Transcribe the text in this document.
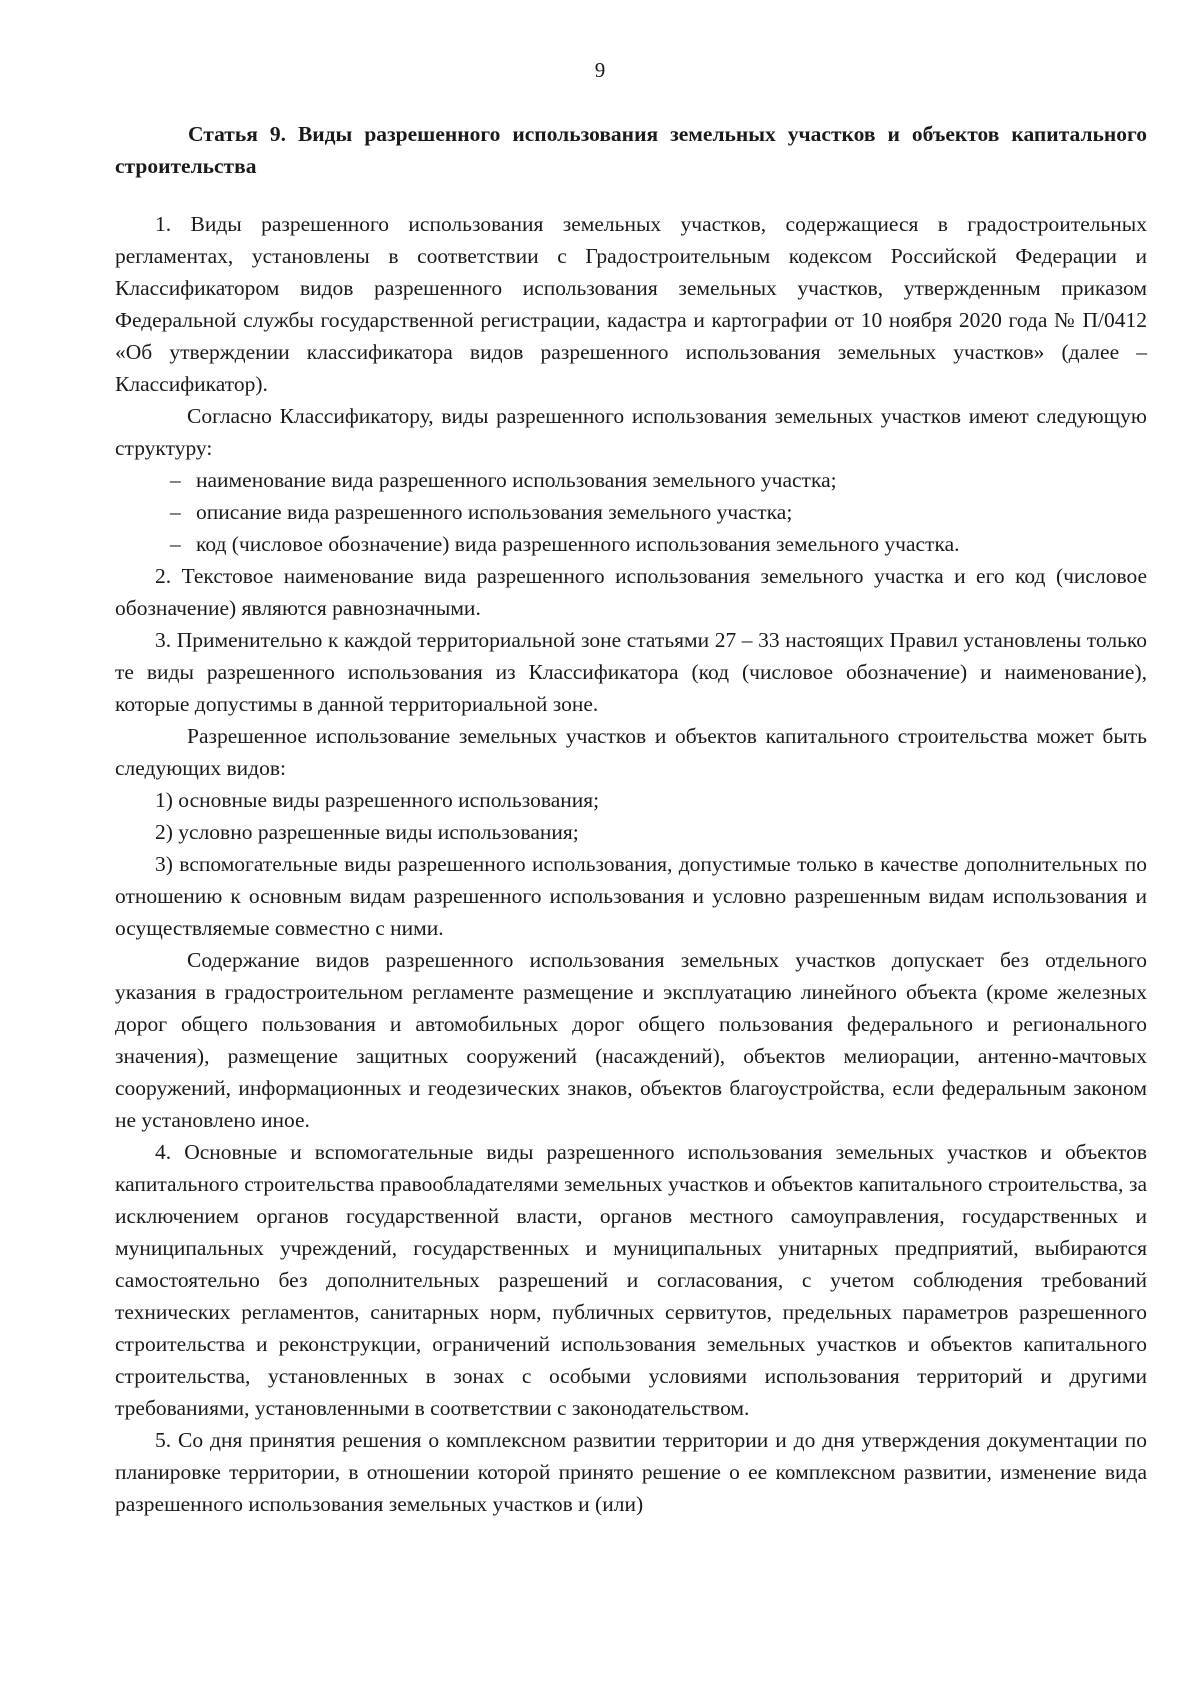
9

Статья 9. Виды разрешенного использования земельных участков и объектов капитального строительства

1. Виды разрешенного использования земельных участков, содержащиеся в градостроительных регламентах, установлены в соответствии с Градостроительным кодексом Российской Федерации и Классификатором видов разрешенного использования земельных участков, утвержденным приказом Федеральной службы государственной регистрации, кадастра и картографии от 10 ноября 2020 года № П/0412 «Об утверждении классификатора видов разрешенного использования земельных участков» (далее – Классификатор).

Согласно Классификатору, виды разрешенного использования земельных участков имеют следующую структуру:

– наименование вида разрешенного использования земельного участка;

– описание вида разрешенного использования земельного участка;

– код (числовое обозначение) вида разрешенного использования земельного участка.

2. Текстовое наименование вида разрешенного использования земельного участка и его код (числовое обозначение) являются равнозначными.

3. Применительно к каждой территориальной зоне статьями 27 – 33 настоящих Правил установлены только те виды разрешенного использования из Классификатора (код (числовое обозначение) и наименование), которые допустимы в данной территориальной зоне.

Разрешенное использование земельных участков и объектов капитального строительства может быть следующих видов:

1) основные виды разрешенного использования;

2) условно разрешенные виды использования;

3) вспомогательные виды разрешенного использования, допустимые только в качестве дополнительных по отношению к основным видам разрешенного использования и условно разрешенным видам использования и осуществляемые совместно с ними.

Содержание видов разрешенного использования земельных участков допускает без отдельного указания в градостроительном регламенте размещение и эксплуатацию линейного объекта (кроме железных дорог общего пользования и автомобильных дорог общего пользования федерального и регионального значения), размещение защитных сооружений (насаждений), объектов мелиорации, антенно-мачтовых сооружений, информационных и геодезических знаков, объектов благоустройства, если федеральным законом не установлено иное.

4. Основные и вспомогательные виды разрешенного использования земельных участков и объектов капитального строительства правообладателями земельных участков и объектов капитального строительства, за исключением органов государственной власти, органов местного самоуправления, государственных и муниципальных учреждений, государственных и муниципальных унитарных предприятий, выбираются самостоятельно без дополнительных разрешений и согласования, с учетом соблюдения требований технических регламентов, санитарных норм, публичных сервитутов, предельных параметров разрешенного строительства и реконструкции, ограничений использования земельных участков и объектов капитального строительства, установленных в зонах с особыми условиями использования территорий и другими требованиями, установленными в соответствии с законодательством.

5. Со дня принятия решения о комплексном развитии территории и до дня утверждения документации по планировке территории, в отношении которой принято решение о ее комплексном развитии, изменение вида разрешенного использования земельных участков и (или)
